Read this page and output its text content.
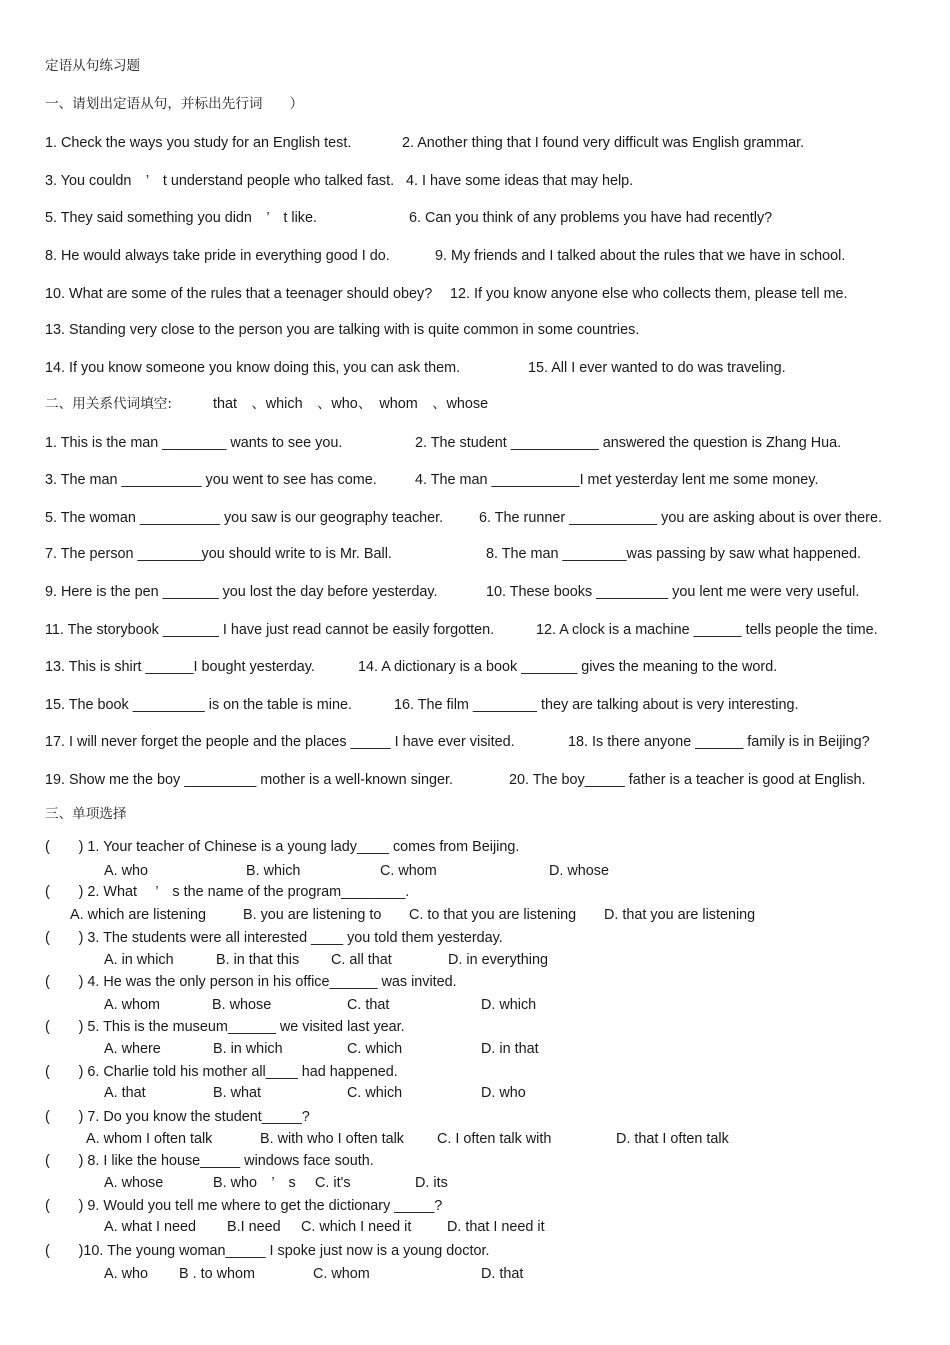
定语从句练习题
一、请划出定语从句，并标出先行词　　）
1. Check the ways you study for an English test.	2. Another thing that I found very difficult was English grammar.
3. You couldn　’　t understand people who talked fast. 4. I have some ideas that may help.
5. They said something you didn　’　t like.	6. Can you think of any problems you have had recently?
8. He would always take pride in everything good I do.	9. My friends and I talked about the rules that we have in school.
10. What are some of the rules that a teenager should obey? 12. If you know anyone else who collects them, please tell me.
13. Standing very close to the person you are talking with is quite common in some countries.
14. If you know someone you know doing this, you can ask them.	15. All I ever wanted to do was traveling.
二、用关系代词填空:	that　、which　、who、　whom　、whose
1. This is the man ________ wants to see you.	2. The student ___________ answered the question is Zhang Hua.
3. The man __________ you went to see has come.	4. The man ___________I met yesterday lent me some money.
5. The woman __________ you saw is our geography teacher. 6. The runner ___________ you are asking about is over there.
7. The person ________you should write to is Mr. Ball.	8. The man ________was passing by saw what happened.
9. Here is the pen _______ you lost the day before yesterday.	10. These books _________ you lent me were very useful.
11. The storybook _______ I have just read cannot be easily forgotten.	12. A clock is a machine ______ tells people the time.
13. This is shirt ______I bought yesterday.	14. A dictionary is a book _______ gives the meaning to the word.
15. The book _________ is on the table is mine.	16. The film ________ they are talking about is very interesting.
17. I will never forget the people and the places _____ I have ever visited.	18. Is there anyone ______ family is in Beijing?
19. Show me the boy _________ mother is a well-known singer.	20. The boy_____ father is a teacher is good at English.
三、单项选择
(　　) 1. Your teacher of Chinese is a young lady____ comes from Beijing.
A. who	B. which	C. whom	D. whose
(　　) 2. What　 ’　s the name of the program________.
A. which are listening	B. you are listening to C. to that you are listening D. that you are listening
(　　) 3. The students were all interested ____ you told them yesterday.
A. in which	B. in that this C. all that	D. in everything
(　　) 4. He was the only person in his office______ was invited.
A. whom	B. whose	C. that	D. which
(　　) 5. This is the museum______ we visited last year.
A. where	B. in which	C. which	D. in that
(　　) 6. Charlie told his mother all____ had happened.
A. that	B. what	C. which	D. who
(　　) 7. Do you know the student_____?
A. whom I often talk	B. with who I often talk C. I often talk with	D. that I often talk
(　　) 8. I like the house_____ windows face south.
A. whose	B. who　’　s C. it's	D. its
(　　) 9. Would you tell me where to get the dictionary _____?
A. what I need B.I need C. which I need it D. that I need it
(　　)10. The young woman_____ I spoke just now is a young doctor.
A. who B . to whom	C. whom	D. that
